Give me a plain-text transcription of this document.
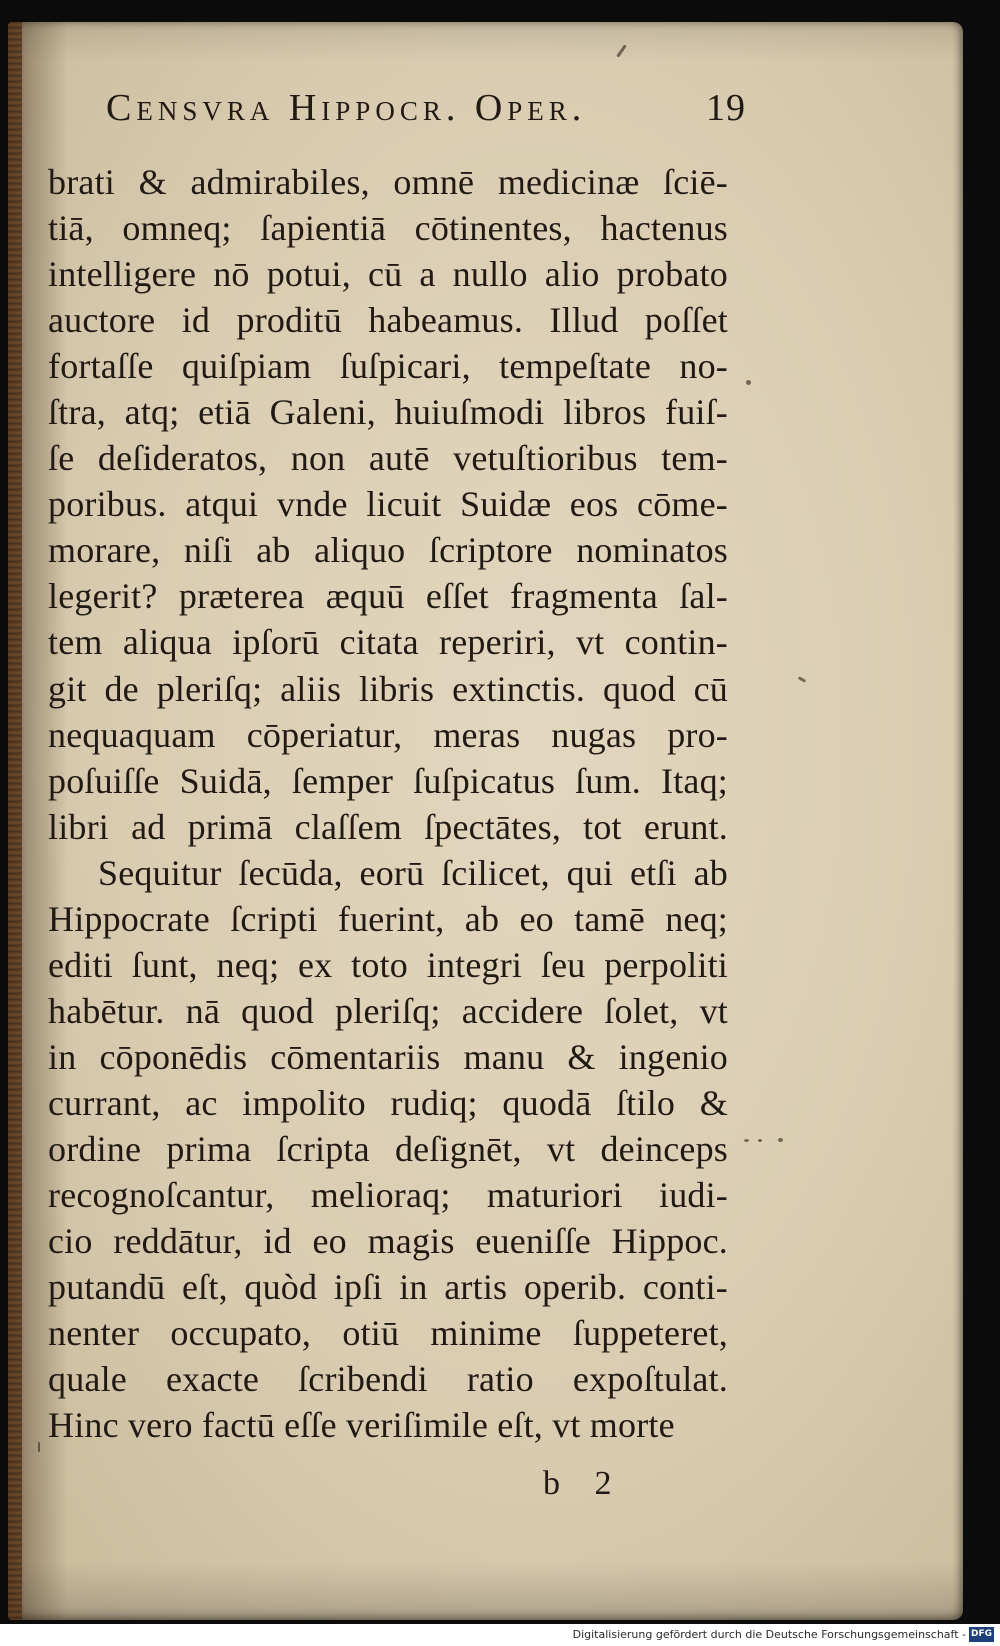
Censvra Hippocr. Oper.	19
brati & admirabiles, omnē medicinæ ſciē-
tiā, omneq; ſapientiā cōtinentes, hactenus
intelligere nō potui, cū a nullo alio probato
auctore id proditū habeamus. Illud poſſet
fortaſſe quiſpiam ſuſpicari, tempeſtate no-
ſtra, atq; etiā Galeni, huiuſmodi libros fuiſ-
ſe deſideratos, non autē vetuſtioribus tem-
poribus. atqui vnde licuit Suidæ eos cōme-
morare, niſi ab aliquo ſcriptore nominatos
legerit? præterea æquū eſſet fragmenta ſal-
tem aliqua ipſorū citata reperiri, vt contin-
git de pleriſq; aliis libris extinctis. quod cū
nequaquam cōperiatur, meras nugas pro-
poſuiſſe Suidā, ſemper ſuſpicatus ſum. Itaq;
libri ad primā claſſem ſpectātes, tot erunt.
Sequitur ſecūda, eorū ſcilicet, qui etſi ab
Hippocrate ſcripti fuerint, ab eo tamē neq;
editi ſunt, neq; ex toto integri ſeu perpoliti
habētur. nā quod pleriſq; accidere ſolet, vt
in cōponēdis cōmentariis manu & ingenio
currant, ac impolito rudiq; quodā ſtilo &
ordine prima ſcripta deſignēt, vt deinceps
recognoſcantur, melioraq; maturiori iudi-
cio reddātur, id eo magis eueniſſe Hippoc.
putandū eſt, quòd ipſi in artis operib. conti-
nenter occupato, otiū minime ſuppeteret,
quale exacte ſcribendi ratio expoſtulat.
Hinc vero factū eſſe veriſimile eſt, vt morte
b 2
Digitalisierung gefördert durch die Deutsche Forschungsgemeinschaft - DFG
